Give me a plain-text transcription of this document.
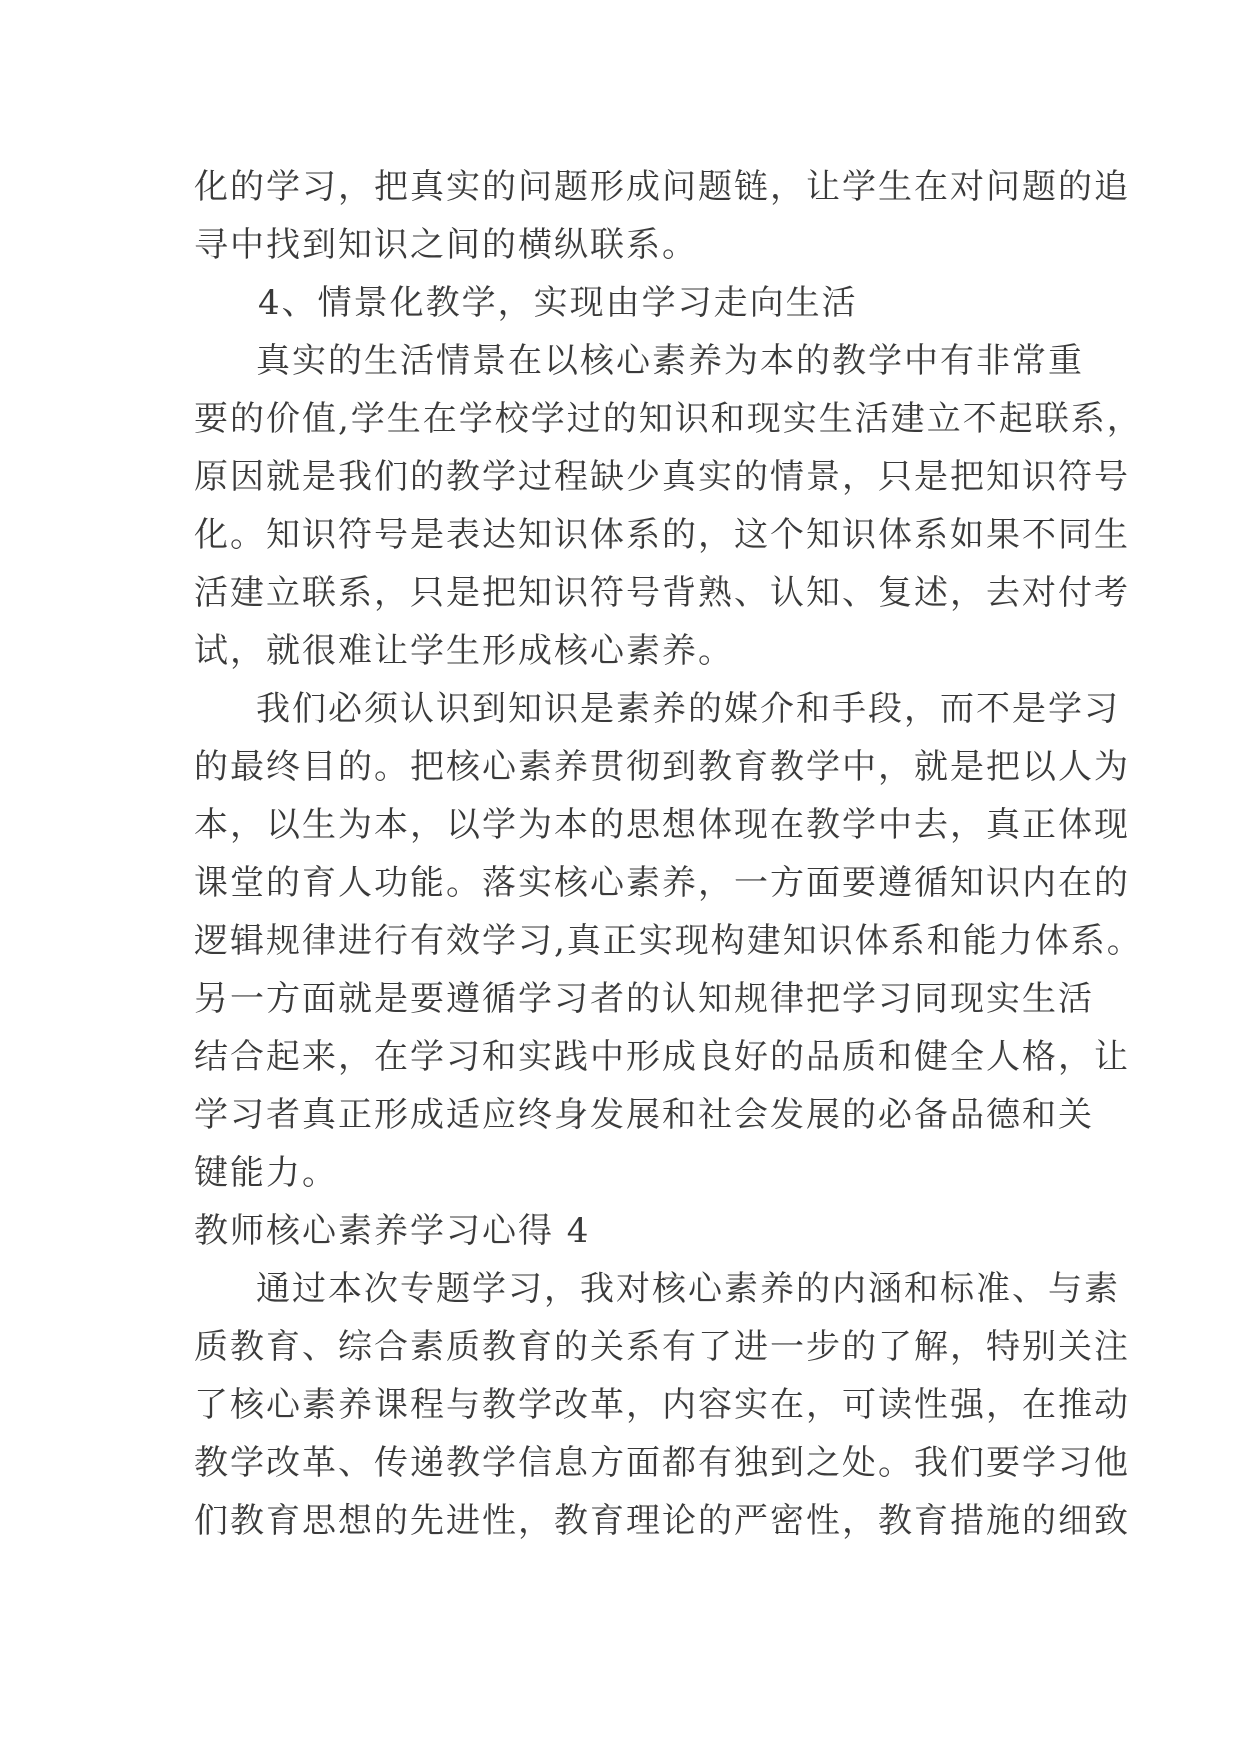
化的学习，把真实的问题形成问题链，让学生在对问题的追
寻中找到知识之间的横纵联系。
4、情景化教学，实现由学习走向生活
真实的生活情景在以核心素养为本的教学中有非常重
要的价值,学生在学校学过的知识和现实生活建立不起联系，
原因就是我们的教学过程缺少真实的情景，只是把知识符号
化。知识符号是表达知识体系的，这个知识体系如果不同生
活建立联系，只是把知识符号背熟、认知、复述，去对付考
试，就很难让学生形成核心素养。
我们必须认识到知识是素养的媒介和手段，而不是学习
的最终目的。把核心素养贯彻到教育教学中，就是把以人为
本，以生为本，以学为本的思想体现在教学中去，真正体现
课堂的育人功能。落实核心素养，一方面要遵循知识内在的
逻辑规律进行有效学习,真正实现构建知识体系和能力体系。
另一方面就是要遵循学习者的认知规律把学习同现实生活
结合起来，在学习和实践中形成良好的品质和健全人格，让
学习者真正形成适应终身发展和社会发展的必备品德和关
键能力。
教师核心素养学习心得 4
通过本次专题学习，我对核心素养的内涵和标准、与素
质教育、综合素质教育的关系有了进一步的了解，特别关注
了核心素养课程与教学改革，内容实在，可读性强，在推动
教学改革、传递教学信息方面都有独到之处。我们要学习他
们教育思想的先进性，教育理论的严密性，教育措施的细致
